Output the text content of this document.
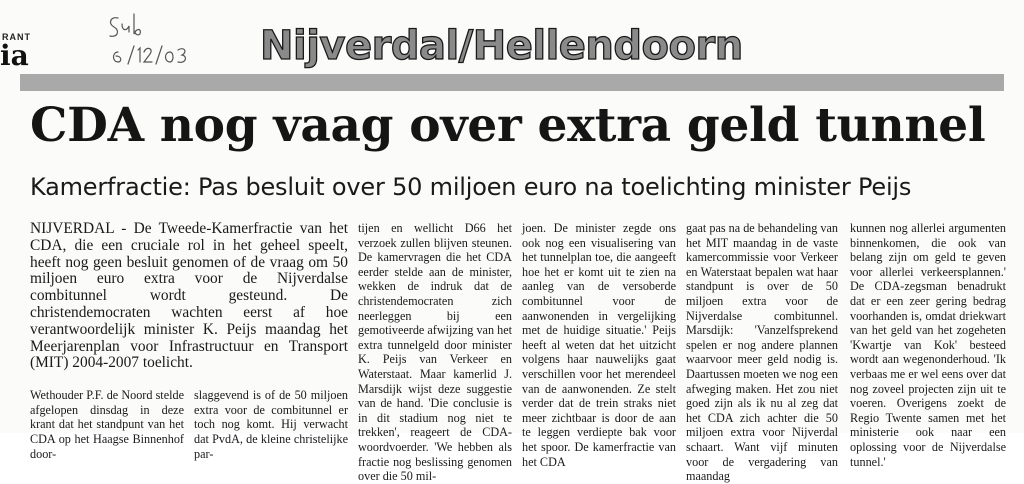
RANT
ia
Sub 6/12/03
Nijverdal/Hellendoorn
CDA nog vaag over extra geld tunnel
Kamerfractie: Pas besluit over 50 miljoen euro na toelichting minister Peijs

NIJVERDAL - De Tweede-Kamerfractie van het CDA, die een cruciale rol in het geheel speelt, heeft nog geen besluit genomen of de vraag om 50 miljoen euro extra voor de Nijverdalse combitunnel wordt gesteund. De christendemocraten wachten eerst af hoe verantwoordelijk minister K. Peijs maandag het Meerjarenplan voor Infrastructuur en Transport (MIT) 2004-2007 toelicht.

Wethouder P.F. de Noord stelde afgelopen dinsdag in deze krant dat het standpunt van het CDA op het Haagse Binnenhof door-

slaggevend is of de 50 miljoen extra voor de combitunnel er toch nog komt. Hij verwacht dat PvdA, de kleine christelijke par-

tijen en wellicht D66 het verzoek zullen blijven steunen. De kamervragen die het CDA eerder stelde aan de minister, wekken de indruk dat de christendemocraten zich neerleggen bij een gemotiveerde afwijzing van het extra tunnelgeld door minister K. Peijs van Verkeer en Waterstaat. Maar kamerlid J. Marsdijk wijst deze suggestie van de hand. 'Die conclusie is in dit stadium nog niet te trekken', reageert de CDA-woordvoerder. 'We hebben als fractie nog beslissing genomen over die 50 mil-

joen. De minister zegde ons ook nog een visualisering van het tunnelplan toe, die aangeeft hoe het er komt uit te zien na aanleg van de versoberde combitunnel voor de aanwonenden in vergelijking met de huidige situatie.' Peijs heeft al weten dat het uitzicht volgens haar nauwelijks gaat verschillen voor het merendeel van de aanwonenden. Ze stelt verder dat de trein straks niet meer zichtbaar is door de aan te leggen verdiepte bak voor het spoor. De kamerfractie van het CDA

gaat pas na de behandeling van het MIT maandag in de vaste kamercommissie voor Verkeer en Waterstaat bepalen wat haar standpunt is over de 50 miljoen extra voor de Nijverdalse combitunnel. Marsdijk: 'Vanzelfsprekend spelen er nog andere plannen waarvoor meer geld nodig is. Daartussen moeten we nog een afweging maken. Het zou niet goed zijn als ik nu al zeg dat het CDA zich achter die 50 miljoen extra voor Nijverdal schaart. Want vijf minuten voor de vergadering van maandag

kunnen nog allerlei argumenten binnenkomen, die ook van belang zijn om geld te geven voor allerlei verkeersplannen.' De CDA-zegsman benadrukt dat er een zeer gering bedrag voorhanden is, omdat driekwart van het geld van het zogeheten 'Kwartje van Kok' besteed wordt aan wegenonderhoud. 'Ik verbaas me er wel eens over dat nog zoveel projecten zijn uit te voeren. Overigens zoekt de Regio Twente samen met het ministerie ook naar een oplossing voor de Nijverdalse tunnel.'
